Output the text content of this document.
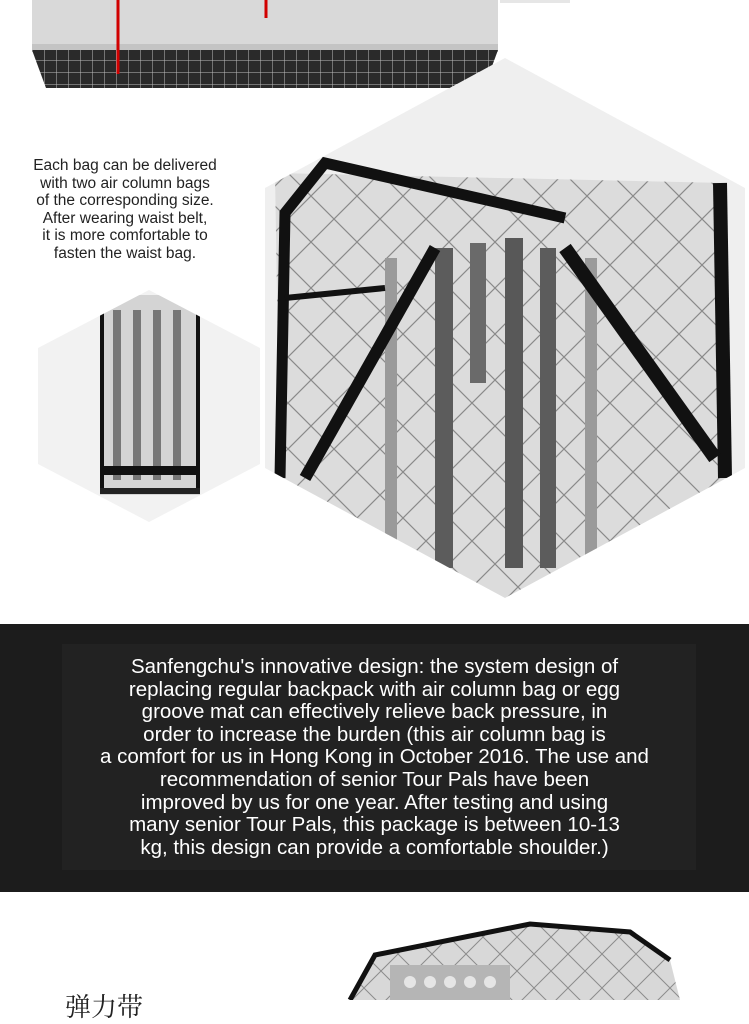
Each bag can be delivered
with two air column bags
of the corresponding size.
After wearing waist belt,
it is more comfortable to
fasten the waist bag.
Sanfengchu's innovative design: the system design of
replacing regular backpack with air column bag or egg
groove mat can effectively relieve back pressure, in
order to increase the burden (this air column bag is
a comfort for us in Hong Kong in October 2016. The use and
recommendation of senior Tour Pals have been
improved by us for one year. After testing and using
many senior Tour Pals, this package is between 10-13
kg, this design can provide a comfortable shoulder.)
弹力带
